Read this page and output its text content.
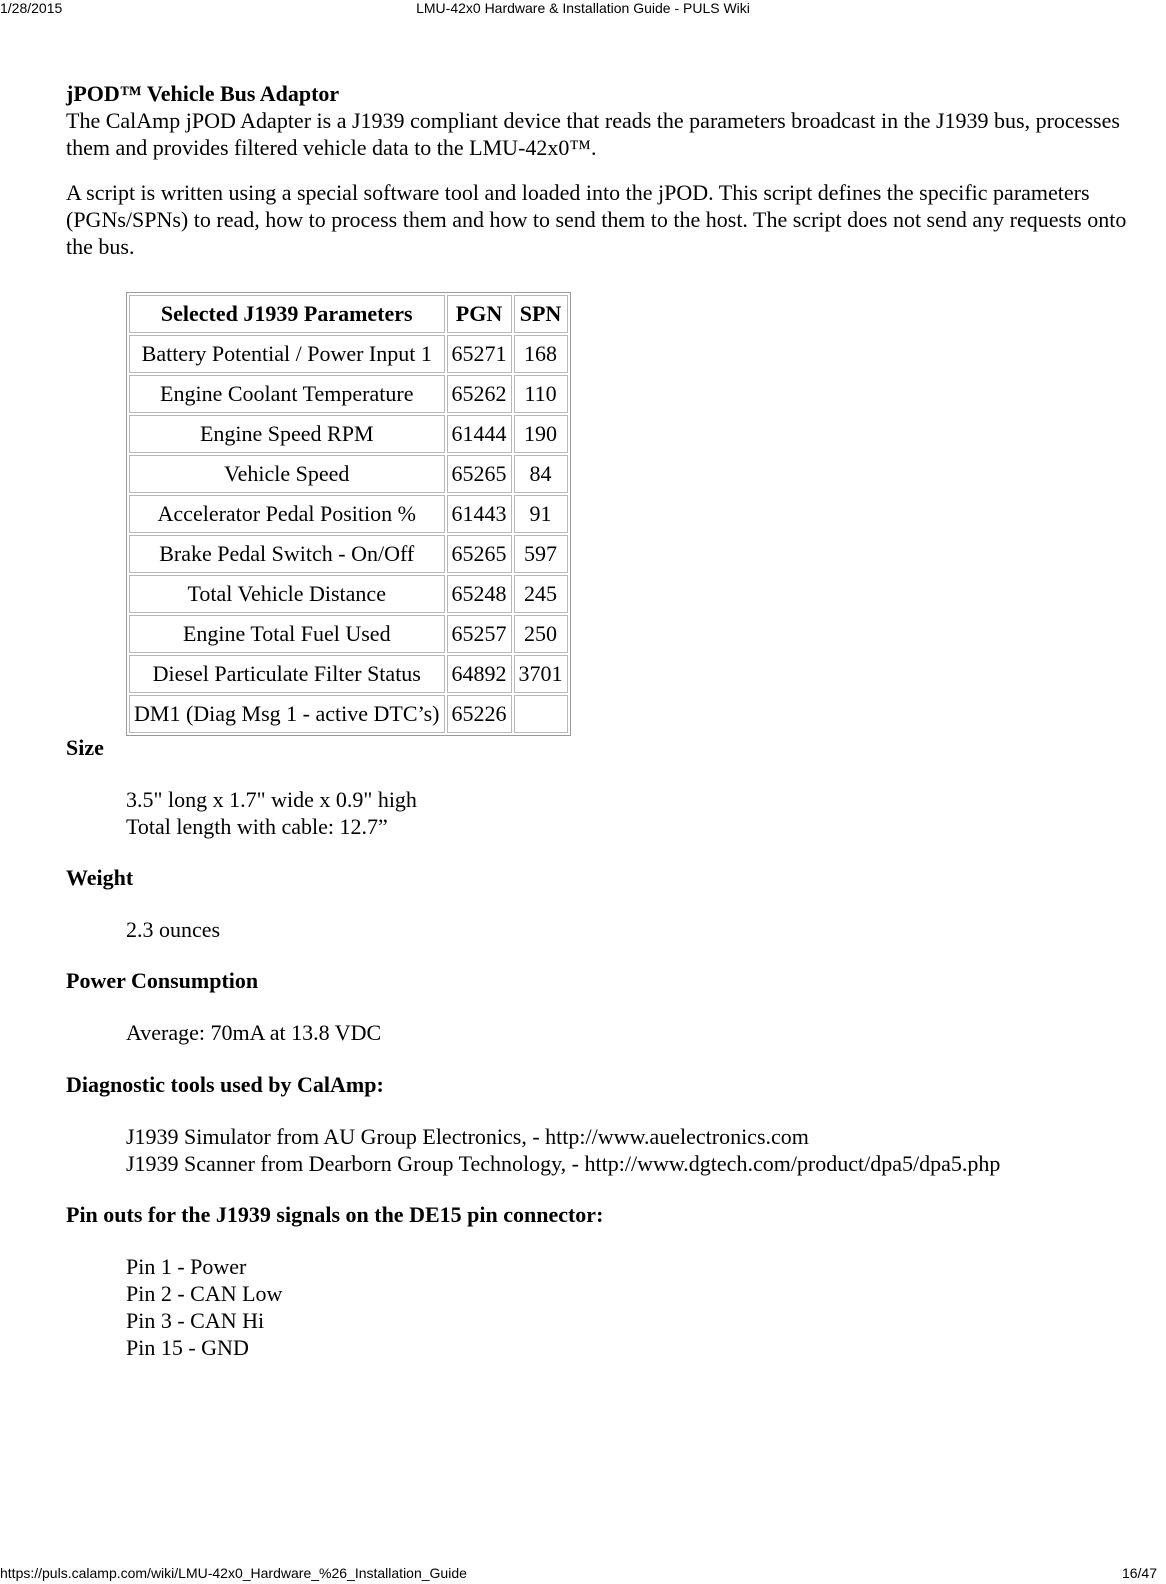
LMU-42x0 Hardware & Installation Guide - PULS Wiki
1/28/2015

jPOD™ Vehicle Bus Adaptor

The CalAmp jPOD Adapter is a J1939 compliant device that reads the parameters broadcast in the J1939 bus, processes them and provides filtered vehicle data to the LMU-42x0™.

A script is written using a special software tool and loaded into the jPOD. This script defines the specific parameters (PGNs/SPNs) to read, how to process them and how to send them to the host. The script does not send any requests onto the bus.

Selected J1939 Parameters	PGN	SPN
Battery Potential / Power Input 1	65271	168
Engine Coolant Temperature	65262	110
Engine Speed RPM	61444	190
Vehicle Speed	65265	84
Accelerator Pedal Position %	61443	91
Brake Pedal Switch - On/Off	65265	597
Total Vehicle Distance	65248	245
Engine Total Fuel Used	65257	250
Diesel Particulate Filter Status	64892	3701
DM1 (Diag Msg 1 - active DTC’s)	65226	

Size

3.5" long x 1.7" wide x 0.9" high

Total length with cable: 12.7”

Weight

2.3 ounces

Power Consumption

Average: 70mA at 13.8 VDC

Diagnostic tools used by CalAmp:

J1939 Simulator from AU Group Electronics, - http://www.auelectronics.com

J1939 Scanner from Dearborn Group Technology, - http://www.dgtech.com/product/dpa5/dpa5.php

Pin outs for the J1939 signals on the DE15 pin connector:

Pin 1 - Power

Pin 2 - CAN Low

Pin 3 - CAN Hi

Pin 15 - GND

https://puls.calamp.com/wiki/LMU-42x0_Hardware_%26_Installation_Guide	16/47
